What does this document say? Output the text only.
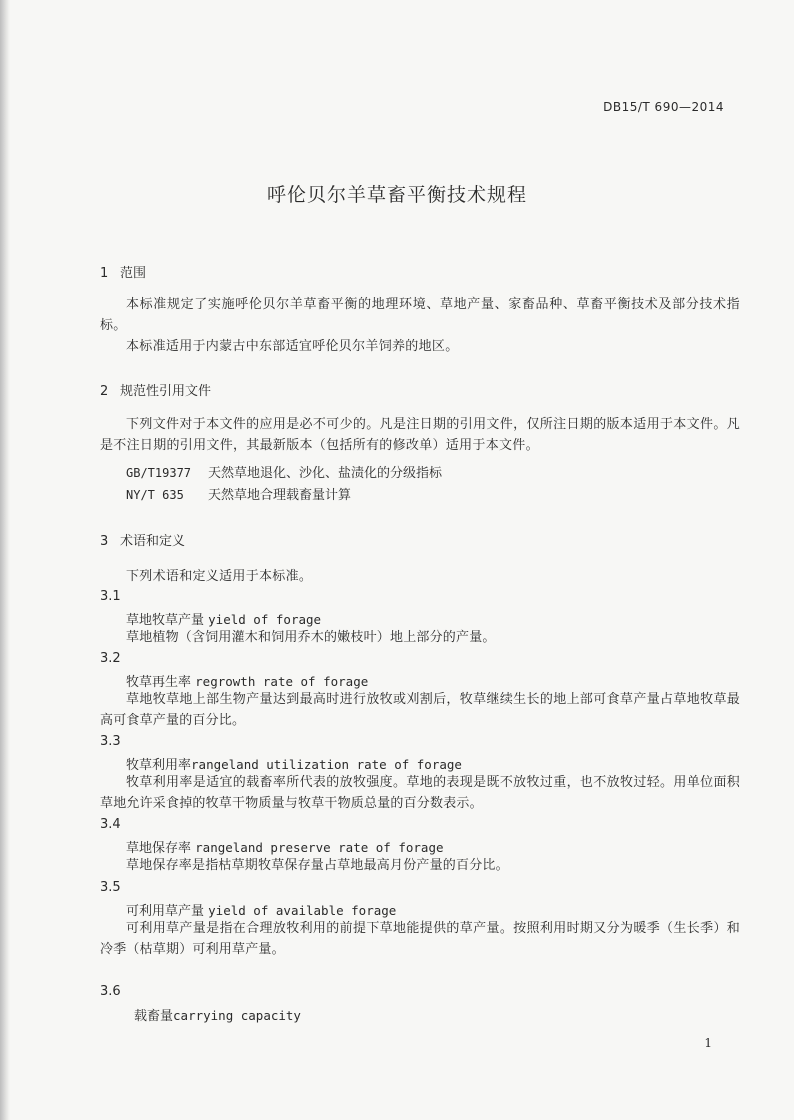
DB15/T 690—2014
呼伦贝尔羊草畜平衡技术规程
1 范围
本标准规定了实施呼伦贝尔羊草畜平衡的地理环境、草地产量、家畜品种、草畜平衡技术及部分技术指标。
本标准适用于内蒙古中东部适宜呼伦贝尔羊饲养的地区。
2 规范性引用文件
下列文件对于本文件的应用是必不可少的。凡是注日期的引用文件，仅所注日期的版本适用于本文件。凡是不注日期的引用文件，其最新版本（包括所有的修改单）适用于本文件。
GB/T19377 天然草地退化、沙化、盐渍化的分级指标
NY/T 635 天然草地合理载畜量计算
3 术语和定义
下列术语和定义适用于本标准。
3.1
草地牧草产量 yield of forage
草地植物（含饲用灌木和饲用乔木的嫩枝叶）地上部分的产量。
3.2
牧草再生率 regrowth rate of forage
草地牧草地上部生物产量达到最高时进行放牧或刈割后，牧草继续生长的地上部可食草产量占草地牧草最高可食草产量的百分比。
3.3
牧草利用率rangeland utilization rate of forage
牧草利用率是适宜的载畜率所代表的放牧强度。草地的表现是既不放牧过重，也不放牧过轻。用单位面积草地允许采食掉的牧草干物质量与牧草干物质总量的百分数表示。
3.4
草地保存率 rangeland preserve rate of forage
草地保存率是指枯草期牧草保存量占草地最高月份产量的百分比。
3.5
可利用草产量 yield of available forage
可利用草产量是指在合理放牧利用的前提下草地能提供的草产量。按照利用时期又分为暖季（生长季）和冷季（枯草期）可利用草产量。
3.6
载畜量carrying capacity
1
